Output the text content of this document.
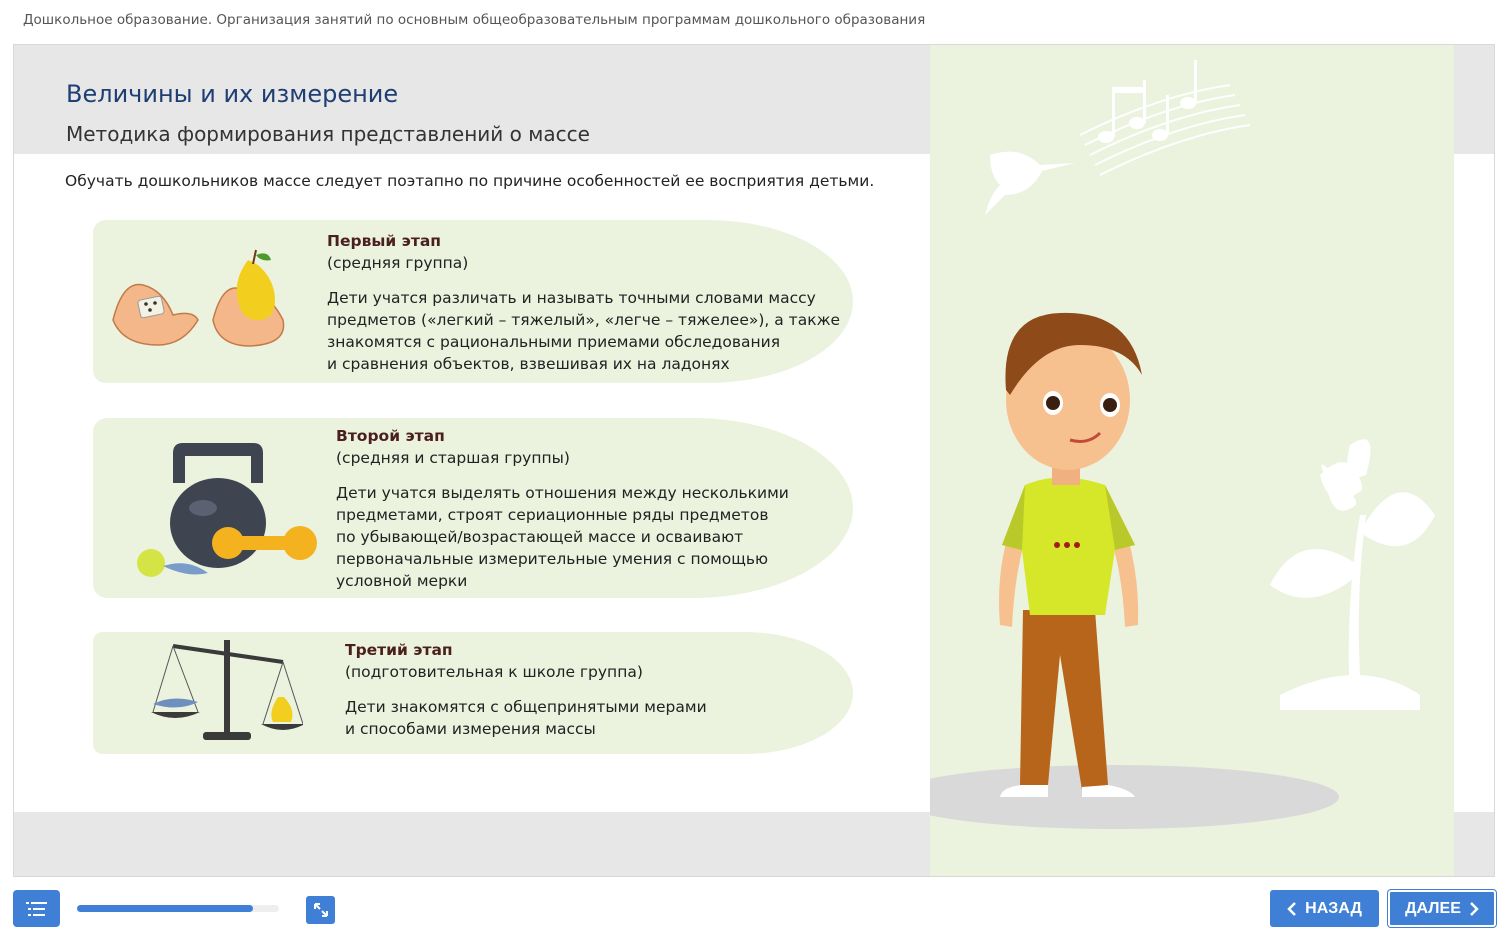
Дошкольное образование. Организация занятий по основным общеобразовательным программам дошкольного образования
Величины и их измерение
Методика формирования представлений о массе
Обучать дошкольников массе следует поэтапно по причине особенностей ее восприятия детьми.
Первый этап
(средняя группа)
Дети учатся различать и называть точными словами массу
предметов («легкий – тяжелый», «легче – тяжелее»), а также
знакомятся с рациональными приемами обследования
и сравнения объектов, взвешивая их на ладонях
Второй этап
(средняя и старшая группы)
Дети учатся выделять отношения между несколькими
предметами, строят сериационные ряды предметов
по убывающей/возрастающей массе и осваивают
первоначальные измерительные умения с помощью
условной мерки
Третий этап
(подготовительная к школе группа)
Дети знакомятся с общепринятыми мерами
и способами измерения массы
НАЗАД	ДАЛЕЕ
